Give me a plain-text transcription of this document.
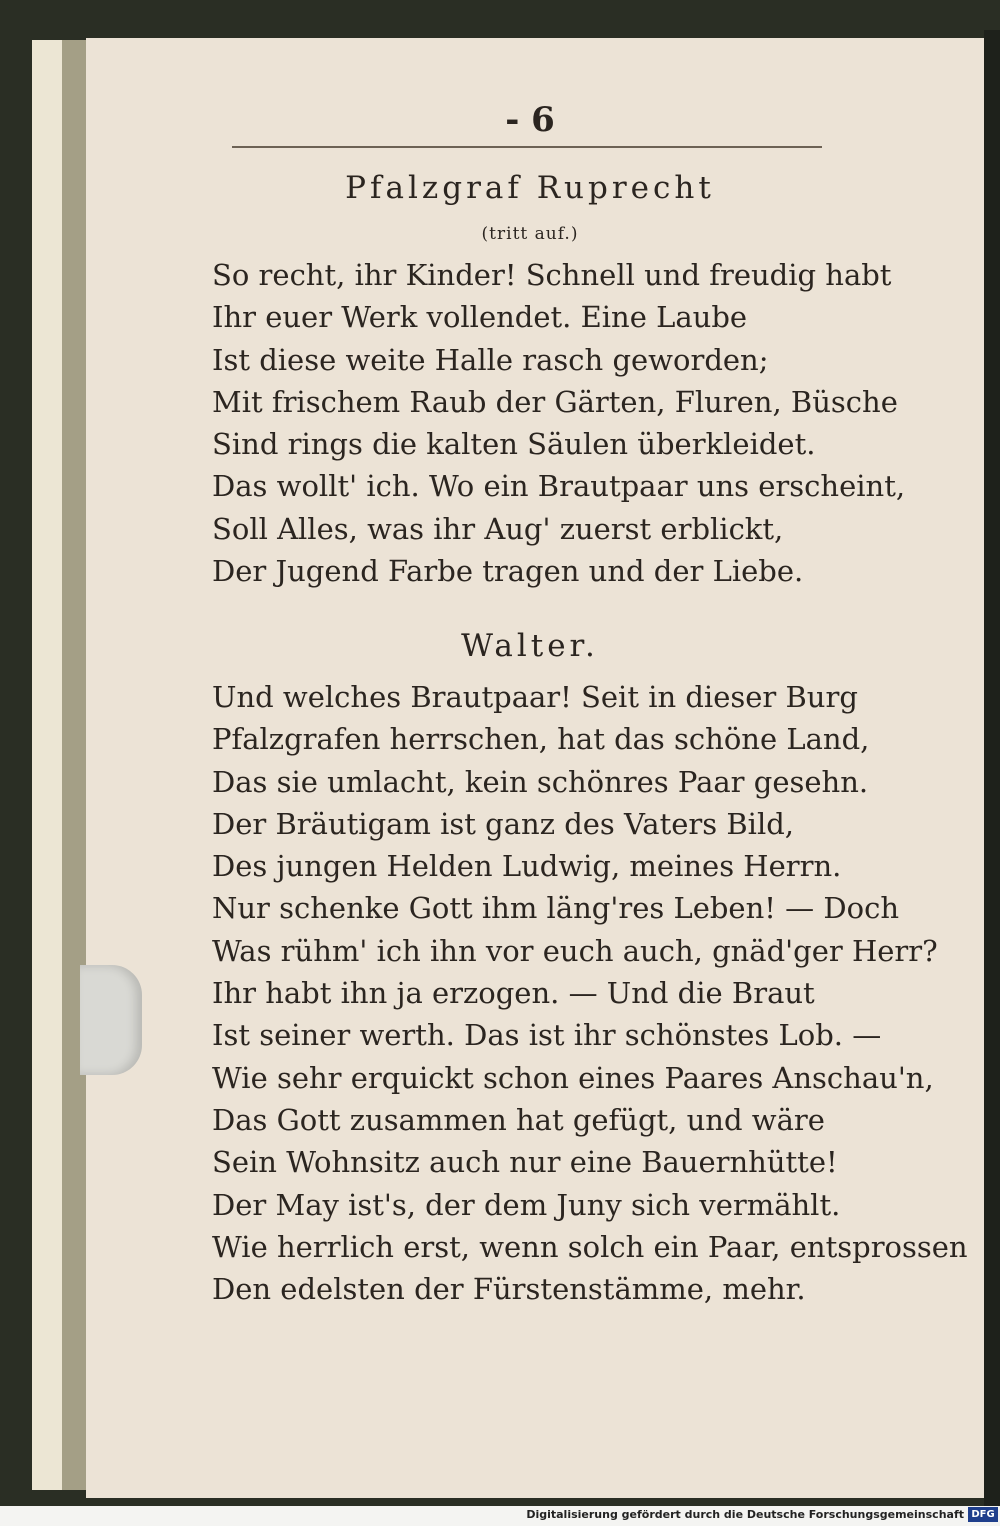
- 6
Pfalzgraf Ruprecht
(tritt auf.)
So recht, ihr Kinder! Schnell und freudig habt
Ihr euer Werk vollendet. Eine Laube
Ist diese weite Halle rasch geworden;
Mit frischem Raub der Gärten, Fluren, Büsche
Sind rings die kalten Säulen überkleidet.
Das wollt' ich. Wo ein Brautpaar uns erscheint,
Soll Alles, was ihr Aug' zuerst erblickt,
Der Jugend Farbe tragen und der Liebe.
Walter.
Und welches Brautpaar! Seit in dieser Burg
Pfalzgrafen herrschen, hat das schöne Land,
Das sie umlacht, kein schönres Paar gesehn.
Der Bräutigam ist ganz des Vaters Bild,
Des jungen Helden Ludwig, meines Herrn.
Nur schenke Gott ihm läng'res Leben! — Doch
Was rühm' ich ihn vor euch auch, gnäd'ger Herr?
Ihr habt ihn ja erzogen. — Und die Braut
Ist seiner werth. Das ist ihr schönstes Lob. —
Wie sehr erquickt schon eines Paares Anschau'n,
Das Gott zusammen hat gefügt, und wäre
Sein Wohnsitz auch nur eine Bauernhütte!
Der May ist's, der dem Juny sich vermählt.
Wie herrlich erst, wenn solch ein Paar, entsprossen
Den edelsten der Fürstenstämme, mehr.
Digitalisierung gefördert durch die Deutsche Forschungsgemeinschaft DFG
